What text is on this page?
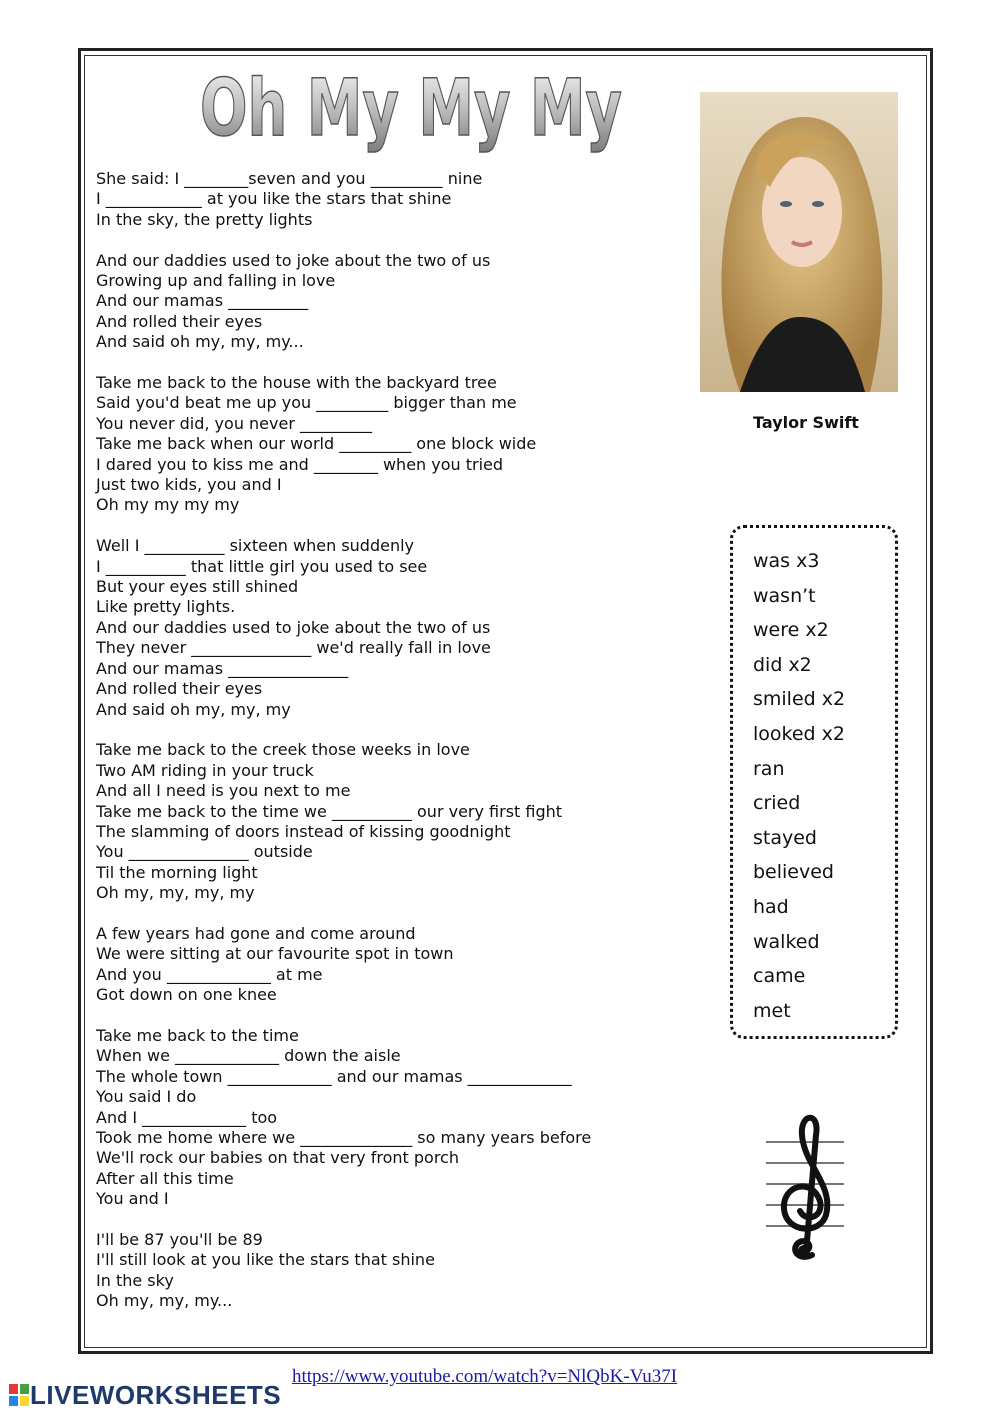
Oh My My My
She said: I ________seven and you _________ nine
I ____________ at you like the stars that shine
In the sky, the pretty lights
And our daddies used to joke about the two of us
Growing up and falling in love
And our mamas __________
And rolled their eyes
And said oh my, my, my...
Take me back to the house with the backyard tree
Said you'd beat me up you _________ bigger than me
You never did, you never _________
Take me back when our world _________ one block wide
I dared you to kiss me and ________ when you tried
Just two kids, you and I
Oh my my my my
Well I __________ sixteen when suddenly
I __________ that little girl you used to see
But your eyes still shined
Like pretty lights.
And our daddies used to joke about the two of us
They never _______________ we'd really fall in love
And our mamas _______________
And rolled their eyes
And said oh my, my, my
Take me back to the creek those weeks in love
Two AM riding in your truck
And all I need is you next to me
Take me back to the time we __________ our very first fight
The slamming of doors instead of kissing goodnight
You _______________ outside
Til the morning light
Oh my, my, my, my
A few years had gone and come around
We were sitting at our favourite spot in town
And you _____________ at me
Got down on one knee
Take me back to the time
When we _____________ down the aisle
The whole town _____________ and our mamas _____________
You said I do
And I _____________ too
Took me home where we ______________ so many years before
We'll rock our babies on that very front porch
After all this time
You and I
I'll be 87 you'll be 89
I'll still look at you like the stars that shine
In the sky
Oh my, my, my...
Taylor Swift
was x3
wasn’t
were x2
did x2
smiled x2
looked x2
ran
cried
stayed
believed
had
walked
came
met
LIVEWORKSHEETS
https://www.youtube.com/watch?v=NlQbK-Vu37I
